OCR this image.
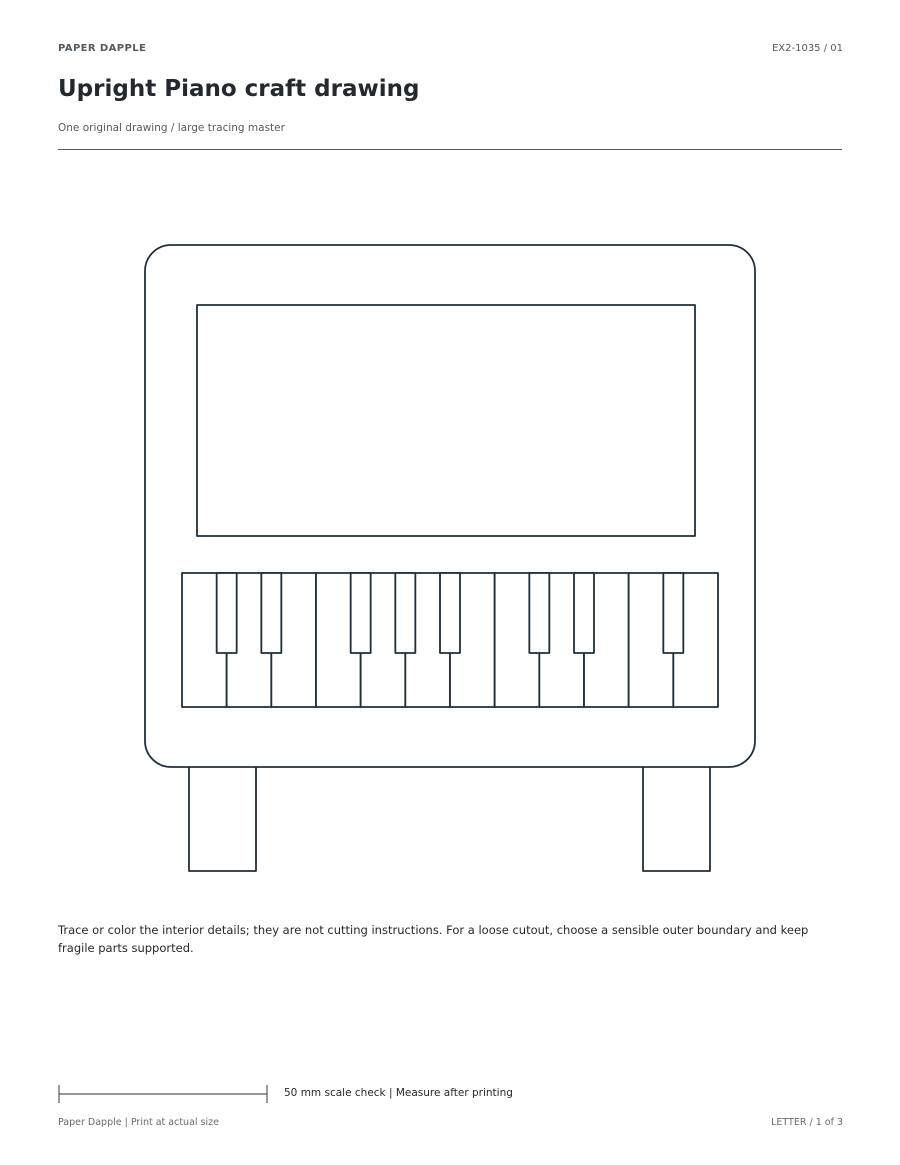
PAPER DAPPLE	EX2-1035 / 01
Upright Piano craft drawing
One original drawing / large tracing master
Trace or color the interior details; they are not cutting instructions. For a loose cutout, choose a sensible outer boundary and keep fragile parts supported.
50 mm scale check | Measure after printing
Paper Dapple | Print at actual size	LETTER / 1 of 3
